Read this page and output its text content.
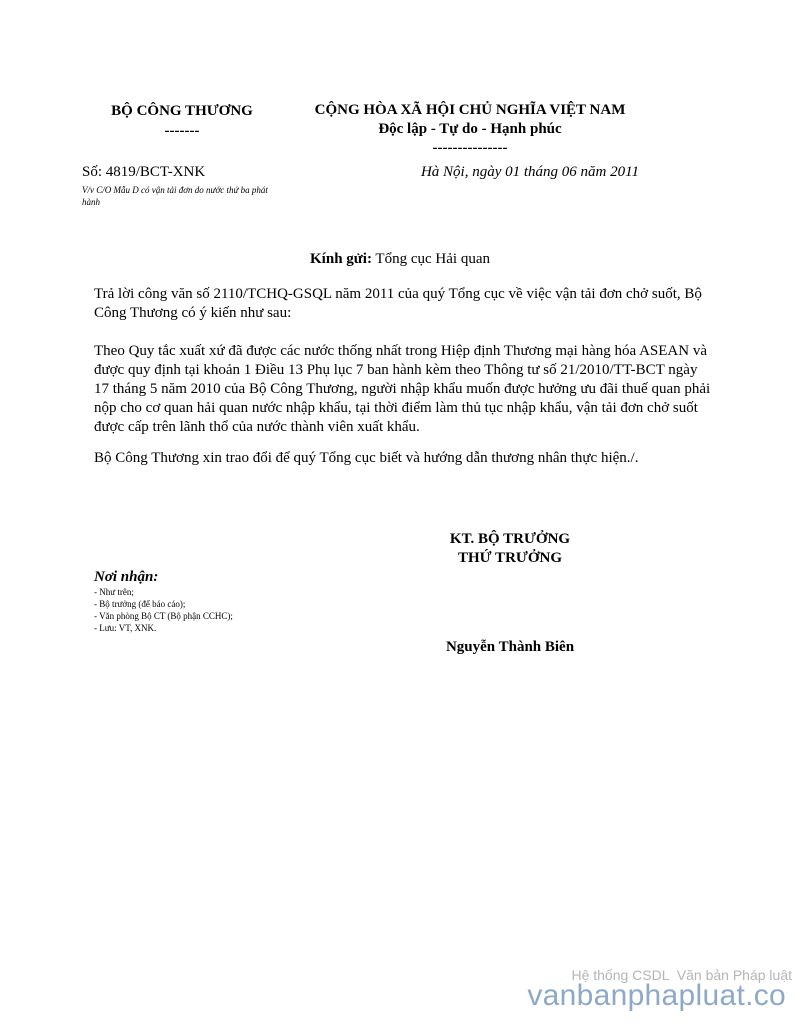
BỘ CÔNG THƯƠNG
-------
CỘNG HÒA XÃ HỘI CHỦ NGHĨA VIỆT NAM
Độc lập - Tự do - Hạnh phúc
---------------
Số: 4819/BCT-XNK
V/v C/O Mẫu D có vận tải đơn do nước thứ ba phát hành
Hà Nội, ngày 01 tháng 06 năm 2011
Kính gửi: Tổng cục Hải quan
Trả lời công văn số 2110/TCHQ-GSQL năm 2011 của quý Tổng cục về việc vận tải đơn chở suốt, Bộ Công Thương có ý kiến như sau:
Theo Quy tắc xuất xứ đã được các nước thống nhất trong Hiệp định Thương mại hàng hóa ASEAN và được quy định tại khoản 1 Điều 13 Phụ lục 7 ban hành kèm theo Thông tư số 21/2010/TT-BCT ngày 17 tháng 5 năm 2010 của Bộ Công Thương, người nhập khẩu muốn được hưởng ưu đãi thuế quan phải nộp cho cơ quan hải quan nước nhập khẩu, tại thời điểm làm thủ tục nhập khẩu, vận tải đơn chở suốt được cấp trên lãnh thổ của nước thành viên xuất khẩu.
Bộ Công Thương xin trao đổi để quý Tổng cục biết và hướng dẫn thương nhân thực hiện./.
KT. BỘ TRƯỞNG
THỨ TRƯỞNG
Nguyễn Thành Biên
Nơi nhận:
- Như trên;
- Bộ trưởng (để báo cáo);
- Văn phòng Bộ CT (Bộ phận CCHC);
- Lưu: VT, XNK.
Hệ thống CSDL  Văn bản Pháp luật
vanbanphapluat.co
